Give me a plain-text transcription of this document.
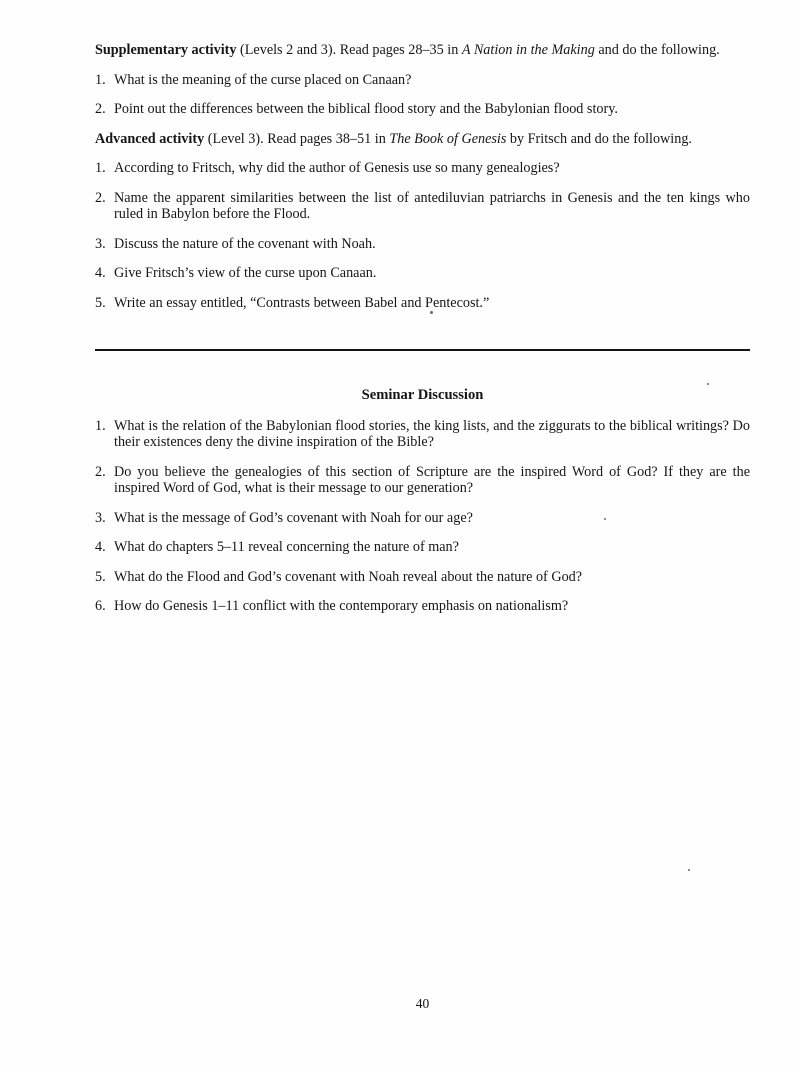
Supplementary activity (Levels 2 and 3). Read pages 28–35 in A Nation in the Making and do the following.

1. What is the meaning of the curse placed on Canaan?
2. Point out the differences between the biblical flood story and the Babylonian flood story.

Advanced activity (Level 3). Read pages 38–51 in The Book of Genesis by Fritsch and do the following.

1. According to Fritsch, why did the author of Genesis use so many genealogies?
2. Name the apparent similarities between the list of antediluvian patriarchs in Genesis and the ten kings who ruled in Babylon before the Flood.
3. Discuss the nature of the covenant with Noah.
4. Give Fritsch’s view of the curse upon Canaan.
5. Write an essay entitled, “Contrasts between Babel and Pentecost.”
Seminar Discussion
1. What is the relation of the Babylonian flood stories, the king lists, and the ziggurats to the biblical writings? Do their existences deny the divine inspiration of the Bible?
2. Do you believe the genealogies of this section of Scripture are the inspired Word of God? If they are the inspired Word of God, what is their message to our generation?
3. What is the message of God’s covenant with Noah for our age?
4. What do chapters 5–11 reveal concerning the nature of man?
5. What do the Flood and God’s covenant with Noah reveal about the nature of God?
6. How do Genesis 1–11 conflict with the contemporary emphasis on nationalism?
40
